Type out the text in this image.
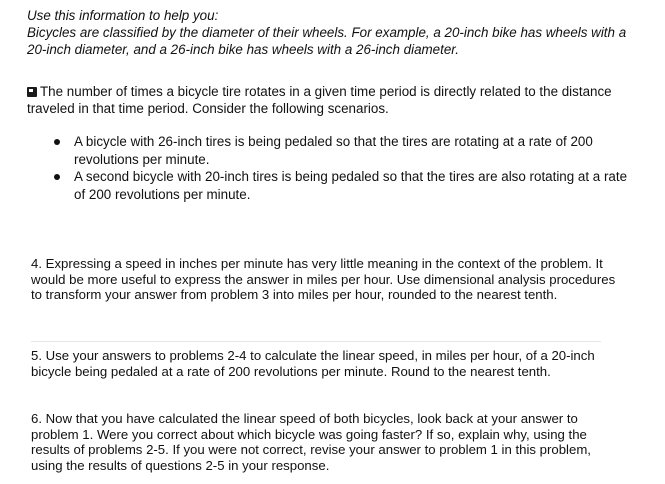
Use this information to help you:

Bicycles are classified by the diameter of their wheels. For example, a 20-inch bike has wheels with a 20-inch diameter, and a 26-inch bike has wheels with a 26-inch diameter.

The number of times a bicycle tire rotates in a given time period is directly related to the distance traveled in that time period. Consider the following scenarios.

A bicycle with 26-inch tires is being pedaled so that the tires are rotating at a rate of 200 revolutions per minute.
A second bicycle with 20-inch tires is being pedaled so that the tires are also rotating at a rate of 200 revolutions per minute.

4. Expressing a speed in inches per minute has very little meaning in the context of the problem. It would be more useful to express the answer in miles per hour. Use dimensional analysis procedures to transform your answer from problem 3 into miles per hour, rounded to the nearest tenth.

5. Use your answers to problems 2-4 to calculate the linear speed, in miles per hour, of a 20-inch bicycle being pedaled at a rate of 200 revolutions per minute. Round to the nearest tenth.

6. Now that you have calculated the linear speed of both bicycles, look back at your answer to problem 1. Were you correct about which bicycle was going faster? If so, explain why, using the results of problems 2-5. If you were not correct, revise your answer to problem 1 in this problem, using the results of questions 2-5 in your response.
